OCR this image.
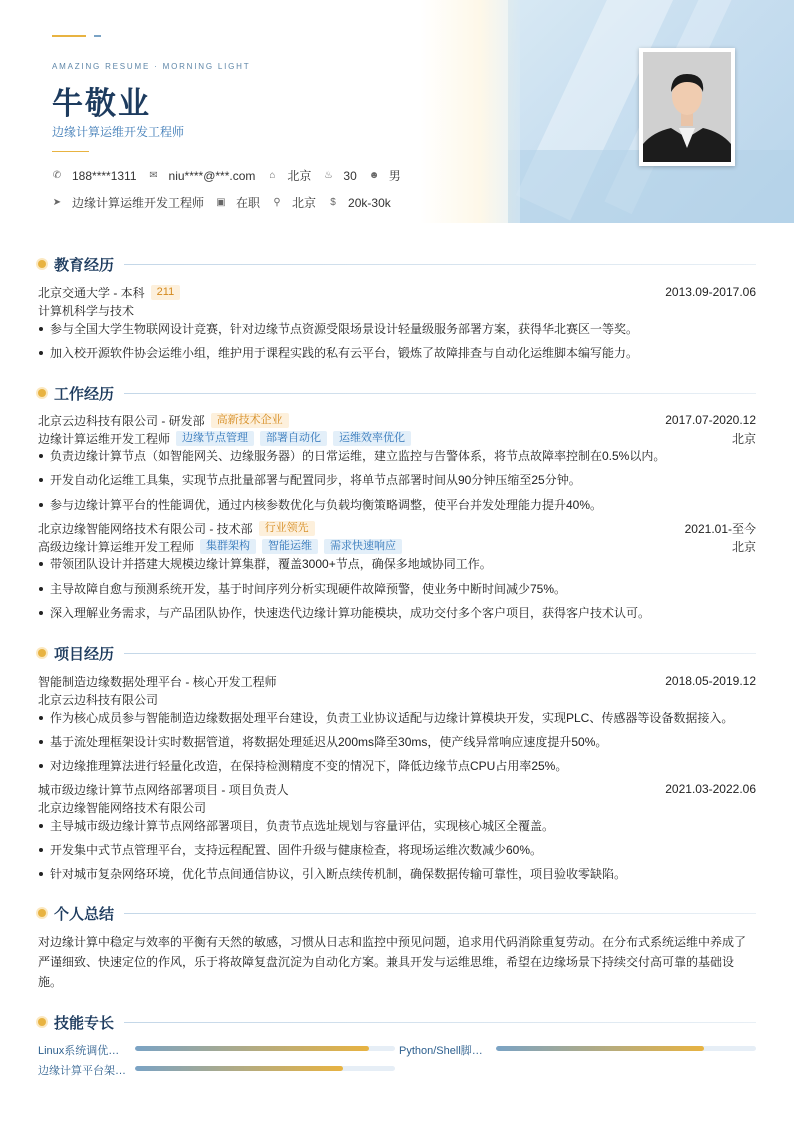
AMAZING RESUME · MORNING LIGHT
牛敬业
边缘计算运维开发工程师
✆ 188****1311 ✉ niu****@***.com ⌂ 北京 ♨ 30 ☻ 男
➤ 边缘计算运维开发工程师 ▣ 在职 ⚲ 北京 $ 20k-30k
教育经历
北京交通大学 - 本科	211	2013.09-2017.06
计算机科学与技术
参与全国大学生物联网设计竞赛，针对边缘节点资源受限场景设计轻量级服务部署方案，获得华北赛区一等奖。
加入校开源软件协会运维小组，维护用于课程实践的私有云平台，锻炼了故障排查与自动化运维脚本编写能力。
工作经历
北京云边科技有限公司 - 研发部	高新技术企业	2017.07-2020.12
边缘计算运维开发工程师	边缘节点管理	部署自动化	运维效率优化	北京
负责边缘计算节点（如智能网关、边缘服务器）的日常运维，建立监控与告警体系，将节点故障率控制在0.5%以内。
开发自动化运维工具集，实现节点批量部署与配置同步，将单节点部署时间从90分钟压缩至25分钟。
参与边缘计算平台的性能调优，通过内核参数优化与负载均衡策略调整，使平台并发处理能力提升40%。
北京边缘智能网络技术有限公司 - 技术部	行业领先	2021.01-至今
高级边缘计算运维开发工程师	集群架构	智能运维	需求快速响应	北京
带领团队设计并搭建大规模边缘计算集群，覆盖3000+节点，确保多地域协同工作。
主导故障自愈与预测系统开发，基于时间序列分析实现硬件故障预警，使业务中断时间减少75%。
深入理解业务需求，与产品团队协作，快速迭代边缘计算功能模块，成功交付多个客户项目，获得客户技术认可。
项目经历
智能制造边缘数据处理平台 - 核心开发工程师	2018.05-2019.12
北京云边科技有限公司
作为核心成员参与智能制造边缘数据处理平台建设，负责工业协议适配与边缘计算模块开发，实现PLC、传感器等设备数据接入。
基于流处理框架设计实时数据管道，将数据处理延迟从200ms降至30ms，使产线异常响应速度提升50%。
对边缘推理算法进行轻量化改造，在保持检测精度不变的情况下，降低边缘节点CPU占用率25%。
城市级边缘计算节点网络部署项目 - 项目负责人	2021.03-2022.06
北京边缘智能网络技术有限公司
主导城市级边缘计算节点网络部署项目，负责节点选址规划与容量评估，实现核心城区全覆盖。
开发集中式节点管理平台，支持远程配置、固件升级与健康检查，将现场运维次数减少60%。
针对城市复杂网络环境，优化节点间通信协议，引入断点续传机制，确保数据传输可靠性，项目验收零缺陷。
个人总结
对边缘计算中稳定与效率的平衡有天然的敏感，习惯从日志和监控中预见问题，追求用代码消除重复劳动。在分布式系统运维中养成了严谨细致、快速定位的作风，乐于将故障复盘沉淀为自动化方案。兼具开发与运维思维，希望在边缘场景下持续交付高可靠的基础设施。
技能专长
Linux系统调优…	Python/Shell脚…
边缘计算平台架…
